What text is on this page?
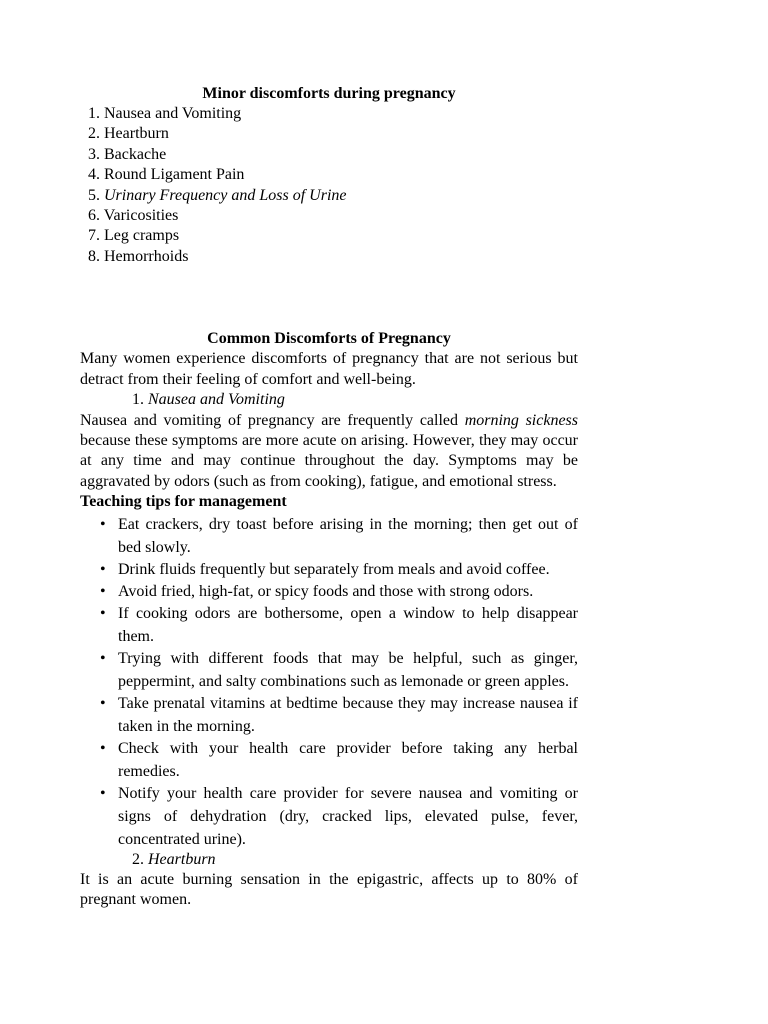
Minor discomforts during pregnancy
1. Nausea and Vomiting
2. Heartburn
3. Backache
4. Round Ligament Pain
5. Urinary Frequency and Loss of Urine
6. Varicosities
7. Leg cramps
8. Hemorrhoids
Common Discomforts of Pregnancy

Many women experience discomforts of pregnancy that are not serious but detract from their feeling of comfort and well-being.

1. Nausea and Vomiting

Nausea and vomiting of pregnancy are frequently called morning sickness because these symptoms are more acute on arising. However, they may occur at any time and may continue throughout the day. Symptoms may be aggravated by odors (such as from cooking), fatigue, and emotional stress.

Teaching tips for management
• Eat crackers, dry toast before arising in the morning; then get out of bed slowly.
• Drink fluids frequently but separately from meals and avoid coffee.
• Avoid fried, high-fat, or spicy foods and those with strong odors.
• If cooking odors are bothersome, open a window to help disappear them.
• Trying with different foods that may be helpful, such as ginger, peppermint, and salty combinations such as lemonade or green apples.
• Take prenatal vitamins at bedtime because they may increase nausea if taken in the morning.
• Check with your health care provider before taking any herbal remedies.
• Notify your health care provider for severe nausea and vomiting or signs of dehydration (dry, cracked lips, elevated pulse, fever, concentrated urine).
2. Heartburn

It is an acute burning sensation in the epigastric, affects up to 80% of pregnant women.
